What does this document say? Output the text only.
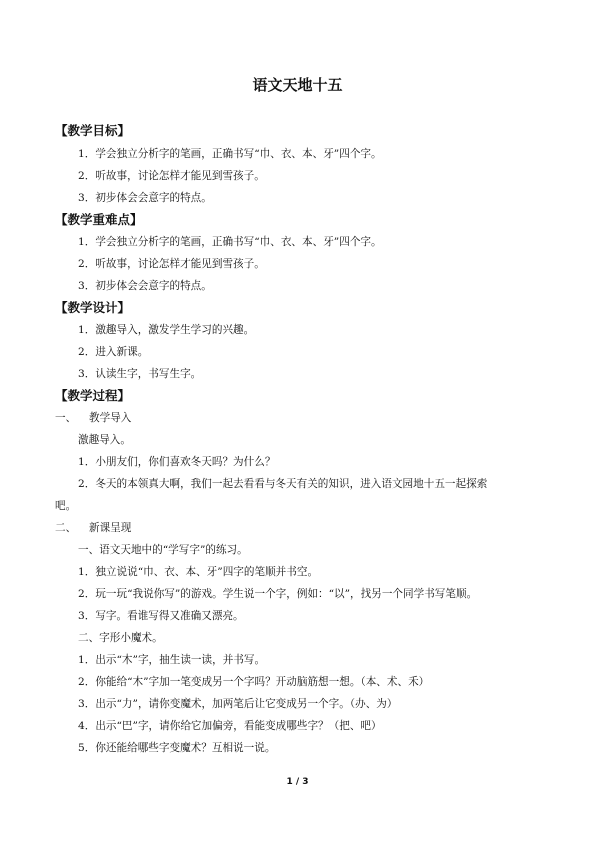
语文天地十五
【教学目标】
1．学会独立分析字的笔画，正确书写“巾、衣、本、牙”四个字。
2．听故事，讨论怎样才能见到雪孩子。
3．初步体会会意字的特点。
【教学重难点】
1．学会独立分析字的笔画，正确书写“巾、衣、本、牙”四个字。
2．听故事，讨论怎样才能见到雪孩子。
3．初步体会会意字的特点。
【教学设计】
1．激趣导入，激发学生学习的兴趣。
2．进入新课。
3．认读生字，书写生字。
【教学过程】
一、 教学导入
激趣导入。
1．小朋友们，你们喜欢冬天吗？为什么？
2．冬天的本领真大啊，我们一起去看看与冬天有关的知识，进入语文园地十五一起探索
吧。
二、 新课呈现
一、语文天地中的“学写字”的练习。
1．独立说说“巾、衣、本、牙”四字的笔顺并书空。
2．玩一玩“我说你写”的游戏。学生说一个字，例如：“以”，找另一个同学书写笔顺。
3．写字。看谁写得又准确又漂亮。
二、字形小魔术。
1．出示“木”字，抽生读一读，并书写。
2．你能给“木”字加一笔变成另一个字吗？开动脑筋想一想。（本、术、禾）
3．出示“力”，请你变魔术，加两笔后让它变成另一个字。（办、为）
4．出示“巴”字，请你给它加偏旁，看能变成哪些字？（把、吧）
5．你还能给哪些字变魔术？互相说一说。
1 / 3
